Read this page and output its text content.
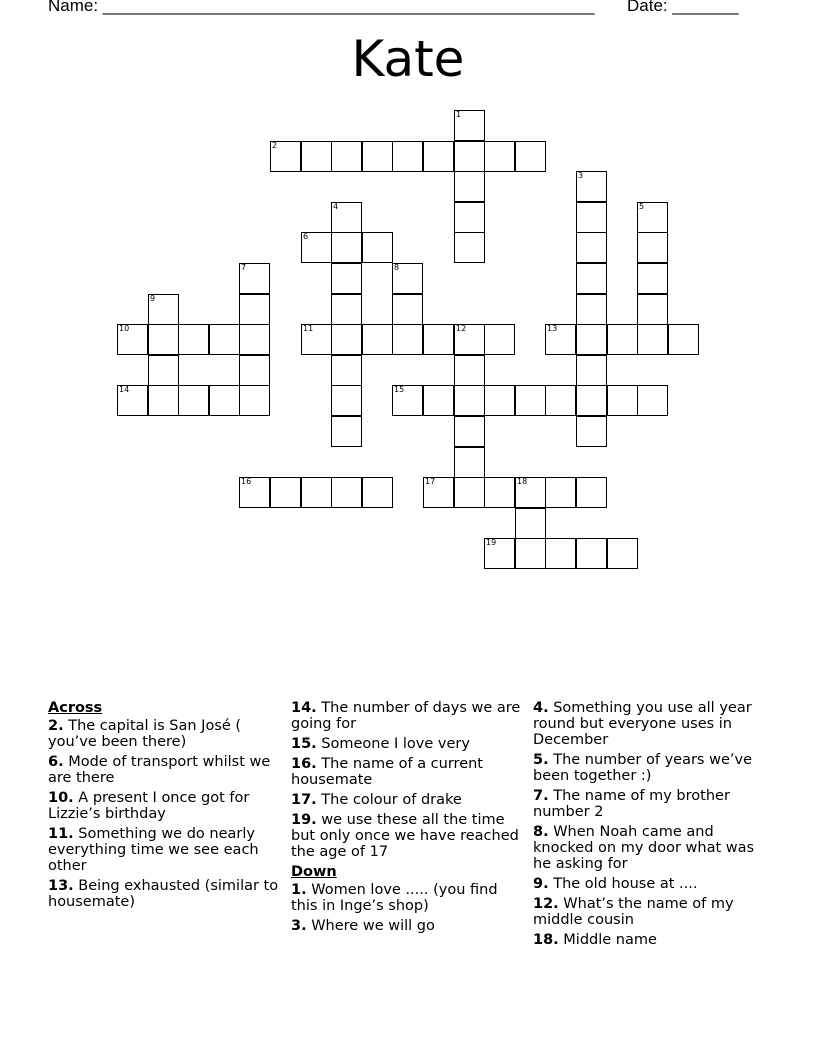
Name: ____________________________________________________ Date: _______
Kate
1
2
3
4	5
6
7	8
9
10	11	12	13
14	15
16	17	18
19
Across
2. The capital is San José ( you’ve been there)
6. Mode of transport whilst we are there
10. A present I once got for Lizzie’s birthday
11. Something we do nearly everything time we see each other
13. Being exhausted (similar to housemate)
14. The number of days we are going for
15. Someone I love very
16. The name of a current housemate
17. The colour of drake
19. we use these all the time but only once we have reached the age of 17
Down
1. Women love ..... (you find this in Inge’s shop)
3. Where we will go
4. Something you use all year round but everyone uses in December
5. The number of years we’ve been together :)
7. The name of my brother number 2
8. When Noah came and knocked on my door what was he asking for
9. The old house at ....
12. What’s the name of my middle cousin
18. Middle name
